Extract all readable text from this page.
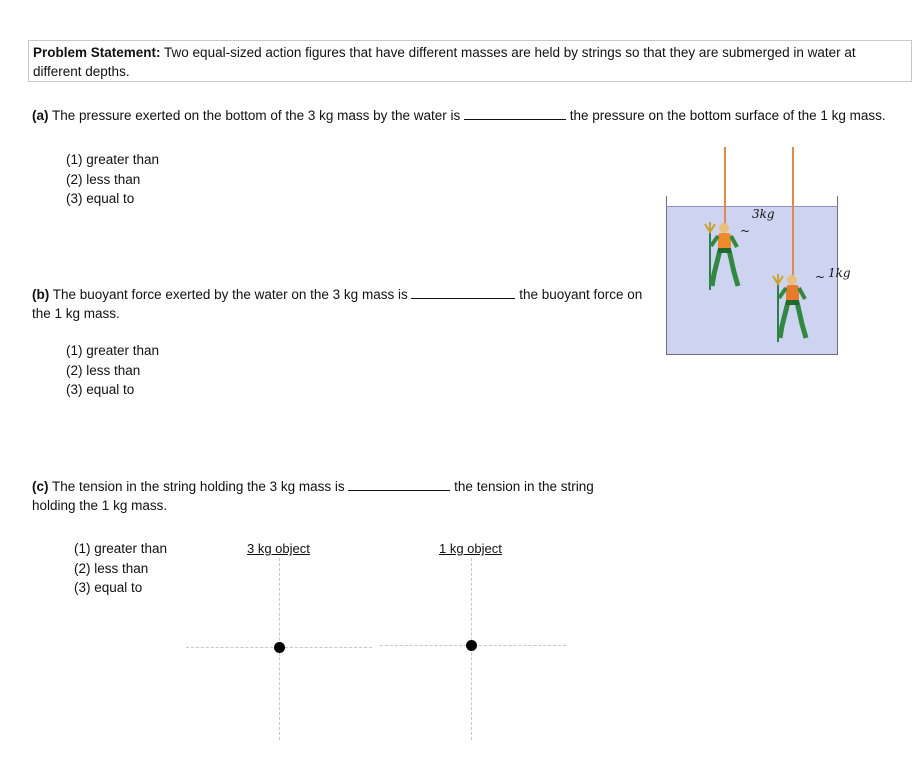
Problem Statement: Two equal-sized action figures that have different masses are held by strings so that they are submerged in water at different depths.
(a) The pressure exerted on the bottom of the 3 kg mass by the water is	the pressure on the bottom surface of the 1 kg mass.
(1) greater than
(2) less than
(3) equal to
(b) The buoyant force exerted by the water on the 3 kg mass is	the buoyant force on the 1 kg mass.
(1) greater than
(2) less than
(3) equal to
(c) The tension in the string holding the 3 kg mass is	the tension in the string holding the 1 kg mass.
(1) greater than
(2) less than
(3) equal to
~
3kg
~ 1kg
3 kg object	1 kg object
